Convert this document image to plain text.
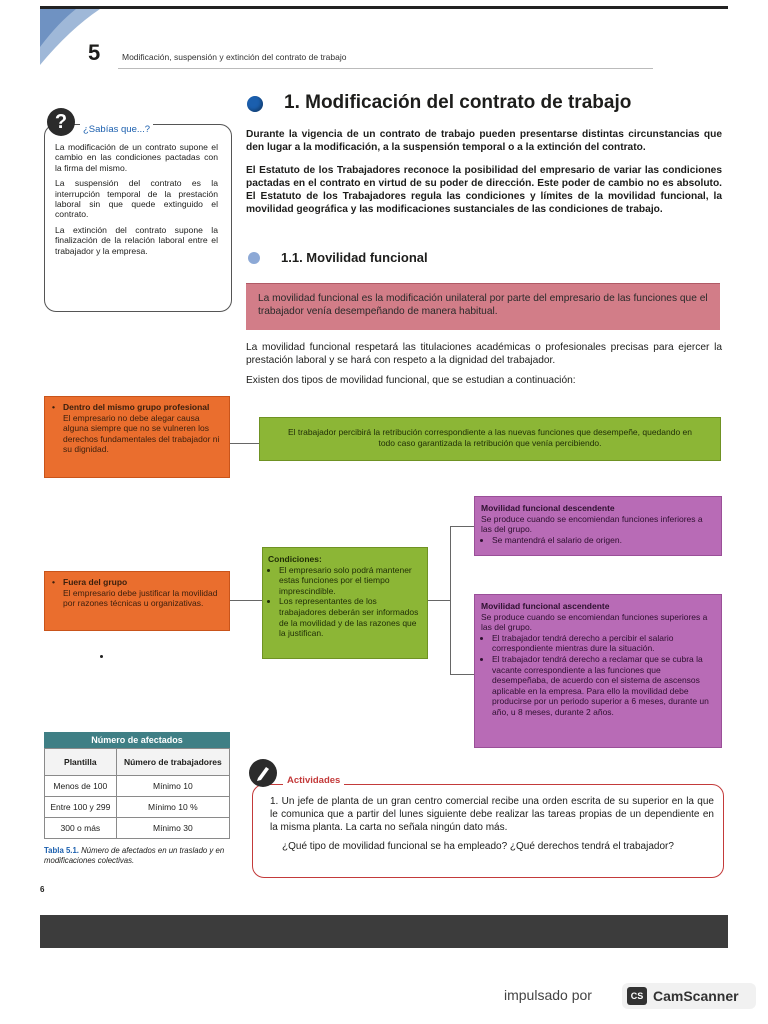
5	Modificación, suspensión y extinción del contrato de trabajo
1. Modificación del contrato de trabajo
Durante la vigencia de un contrato de trabajo pueden presentarse distintas circunstancias que den lugar a la modificación, a la suspensión temporal o a la extinción del contrato.
El Estatuto de los Trabajadores reconoce la posibilidad del empresario de variar las condiciones pactadas en el contrato en virtud de su poder de dirección. Este poder de cambio no es absoluto. El Estatuto de los Trabajadores regula las condiciones y límites de la movilidad funcional, la movilidad geográfica y las modificaciones sustanciales de las condiciones de trabajo.
1.1. Movilidad funcional
La movilidad funcional es la modificación unilateral por parte del empresario de las funciones que el trabajador venía desempeñando de manera habitual.
La movilidad funcional respetará las titulaciones académicas o profesionales precisas para ejercer la prestación laboral y se hará con respeto a la dignidad del trabajador.
Existen dos tipos de movilidad funcional, que se estudian a continuación:
?	¿Sabías que...?

La modificación de un contrato supone el cambio en las condiciones pactadas con la firma del mismo.

La suspensión del contrato es la interrupción temporal de la prestación laboral sin que quede extinguido el contrato.

La extinción del contrato supone la finalización de la relación laboral entre el trabajador y la empresa.

• Dentro del mismo grupo profesional

El empresario no debe alegar causa alguna siempre que no se vulneren los derechos fundamentales del trabajador ni su dignidad.

El trabajador percibirá la retribución correspondiente a las nuevas funciones que desempeñe, quedando en todo caso garantizada la retribución que venía percibiendo.

• Fuera del grupo

El empresario debe justificar la movilidad por razones técnicas u organizativas.

Condiciones:

• El empresario solo podrá mantener estas funciones por el tiempo imprescindible.
• Los representantes de los trabajadores deberán ser informados de la movilidad y de las razones que la justifican.

Movilidad funcional descendente

Se produce cuando se encomiendan funciones inferiores a las del grupo.

• Se mantendrá el salario de origen.

Movilidad funcional ascendente

Se produce cuando se encomiendan funciones superiores a las del grupo.

• El trabajador tendrá derecho a percibir el salario correspondiente mientras dure la situación.
• El trabajador tendrá derecho a reclamar que se cubra la vacante correspondiente a las funciones que desempeñaba, de acuerdo con el sistema de ascensos aplicable en la empresa. Para ello la movilidad debe producirse por un periodo superior a 6 meses, durante un año, u 8 meses, durante 2 años.
Número de afectados
Plantilla	Número de trabajadores
Menos de 100	Mínimo 10
Entre 100 y 299	Mínimo 10 %
300 o más	Mínimo 30
Tabla 5.1. Número de afectados en un traslado y en modificaciones colectivas.
Actividades

1. Un jefe de planta de un gran centro comercial recibe una orden escrita de su superior en la que le comunica que a partir del lunes siguiente debe realizar las tareas propias de un dependiente en la misma planta. La carta no señala ningún dato más.

¿Qué tipo de movilidad funcional se ha empleado? ¿Qué derechos tendrá el trabajador?

6
impulsado por	CS CamScanner
